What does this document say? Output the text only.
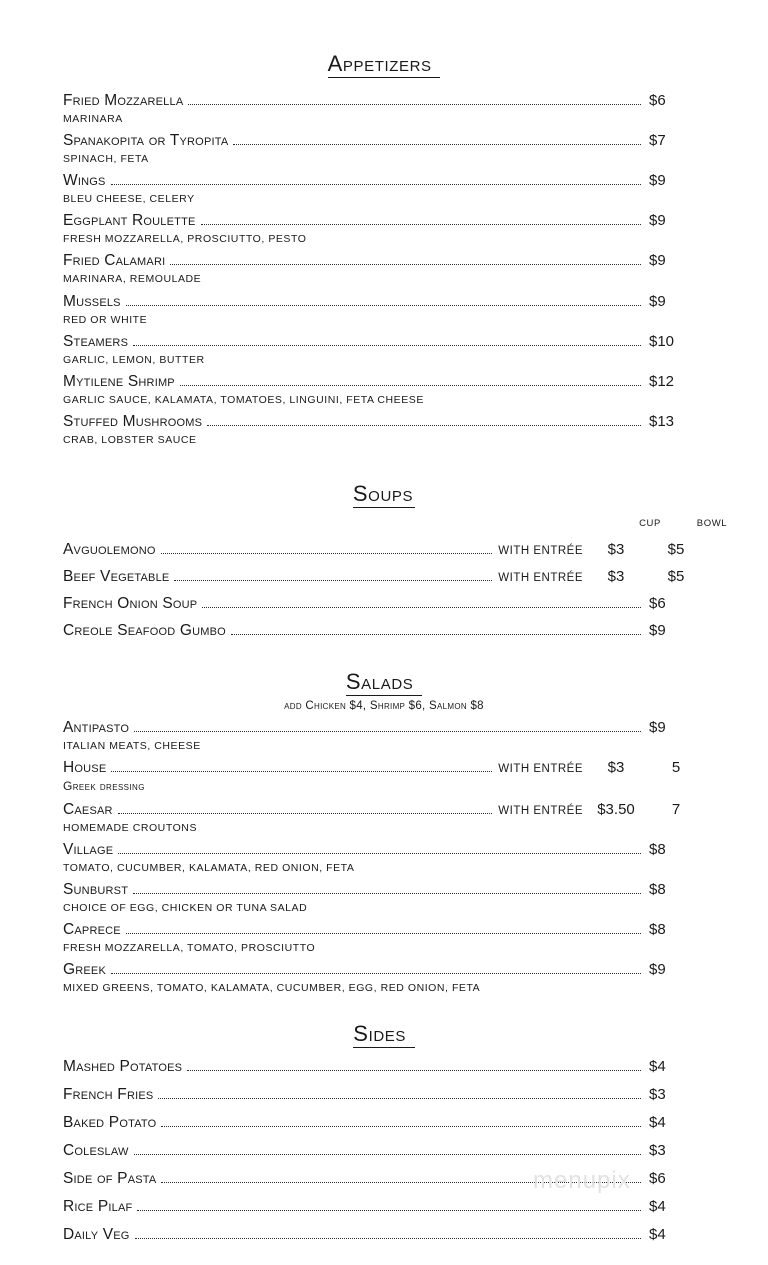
Appetizers
Fried Mozzarella	$6
MARINARA
Spanakopita or Tyropita	$7
SPINACH, FETA
Wings	$9
BLEU CHEESE, CELERY
Eggplant Roulette	$9
FRESH MOZZARELLA, PROSCIUTTO, PESTO
Fried Calamari	$9
MARINARA, REMOULADE
Mussels	$9
RED OR WHITE
Steamers	$10
GARLIC, LEMON, BUTTER
Mytilene Shrimp	$12
GARLIC SAUCE, KALAMATA, TOMATOES, LINGUINI, FETA CHEESE
Stuffed Mushrooms	$13
CRAB, LOBSTER SAUCE
Soups
CUP	BOWL
Avguolemono	WITH ENTRÉE	$3	$5
Beef Vegetable	WITH ENTRÉE	$3	$5
French Onion Soup	$6
Creole Seafood Gumbo	$9
Salads
add Chicken $4, Shrimp $6, Salmon $8
Antipasto	$9
ITALIAN MEATS, CHEESE
House	WITH ENTRÉE	$3	5
Greek dressing
Caesar	WITH ENTRÉE $3.50	7
HOMEMADE CROUTONS
Village	$8
TOMATO, CUCUMBER, KALAMATA, RED ONION, FETA
Sunburst	$8
CHOICE OF EGG, CHICKEN OR TUNA SALAD
Caprece	$8
FRESH MOZZARELLA, TOMATO, PROSCIUTTO
Greek	$9
MIXED GREENS, TOMATO, KALAMATA, CUCUMBER, EGG, RED ONION, FETA
Sides
Mashed Potatoes	$4
French Fries	$3
Baked Potato	$4
Coleslaw	$3
Side of Pasta	$6
Rice Pilaf	$4
Daily Veg	$4
menupix
